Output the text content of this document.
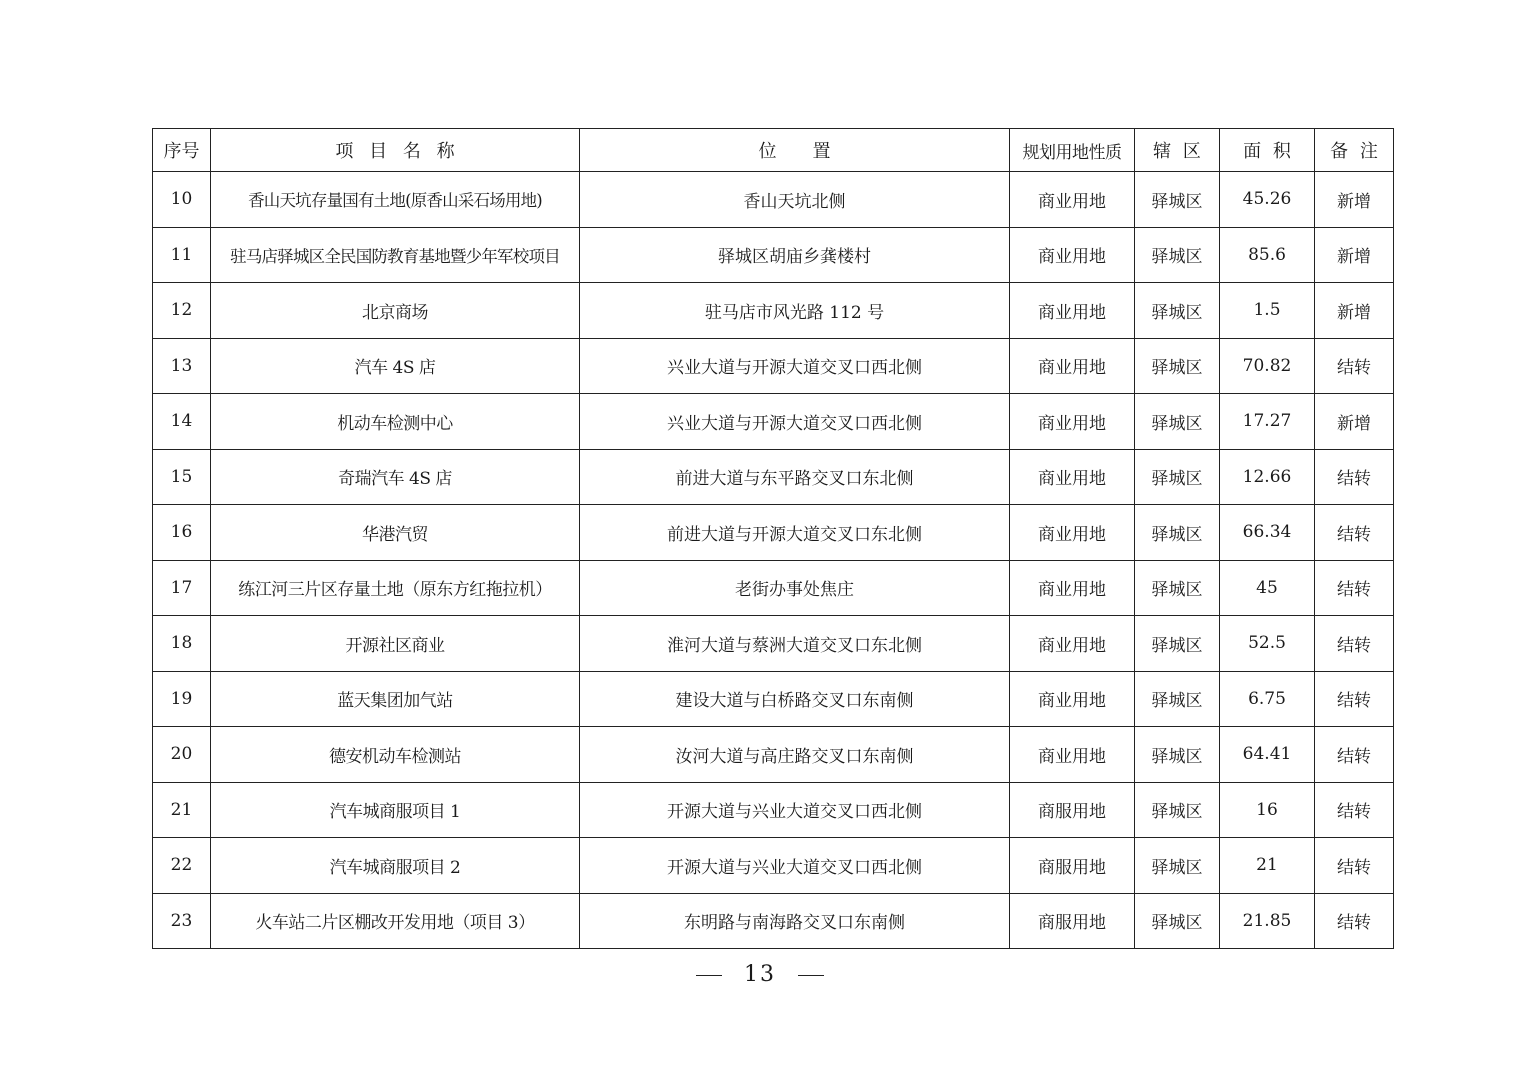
序号	项 目 名 称	位　　置	规划用地性质	辖 区	面 积	备 注
10	香山天坑存量国有土地(原香山采石场用地)	香山天坑北侧	商业用地	驿城区	45.26	新增
11	驻马店驿城区全民国防教育基地暨少年军校项目	驿城区胡庙乡龚楼村	商业用地	驿城区	85.6	新增
12	北京商场	驻马店市风光路 112 号	商业用地	驿城区	1.5	新增
13	汽车 4S 店	兴业大道与开源大道交叉口西北侧	商业用地	驿城区	70.82	结转
14	机动车检测中心	兴业大道与开源大道交叉口西北侧	商业用地	驿城区	17.27	新增
15	奇瑞汽车 4S 店	前进大道与东平路交叉口东北侧	商业用地	驿城区	12.66	结转
16	华港汽贸	前进大道与开源大道交叉口东北侧	商业用地	驿城区	66.34	结转
17	练江河三片区存量土地（原东方红拖拉机）	老街办事处焦庄	商业用地	驿城区	45	结转
18	开源社区商业	淮河大道与蔡洲大道交叉口东北侧	商业用地	驿城区	52.5	结转
19	蓝天集团加气站	建设大道与白桥路交叉口东南侧	商业用地	驿城区	6.75	结转
20	德安机动车检测站	汝河大道与高庄路交叉口东南侧	商业用地	驿城区	64.41	结转
21	汽车城商服项目 1	开源大道与兴业大道交叉口西北侧	商服用地	驿城区	16	结转
22	汽车城商服项目 2	开源大道与兴业大道交叉口西北侧	商服用地	驿城区	21	结转
23	火车站二片区棚改开发用地（项目 3）	东明路与南海路交叉口东南侧	商服用地	驿城区	21.85	结转
13
